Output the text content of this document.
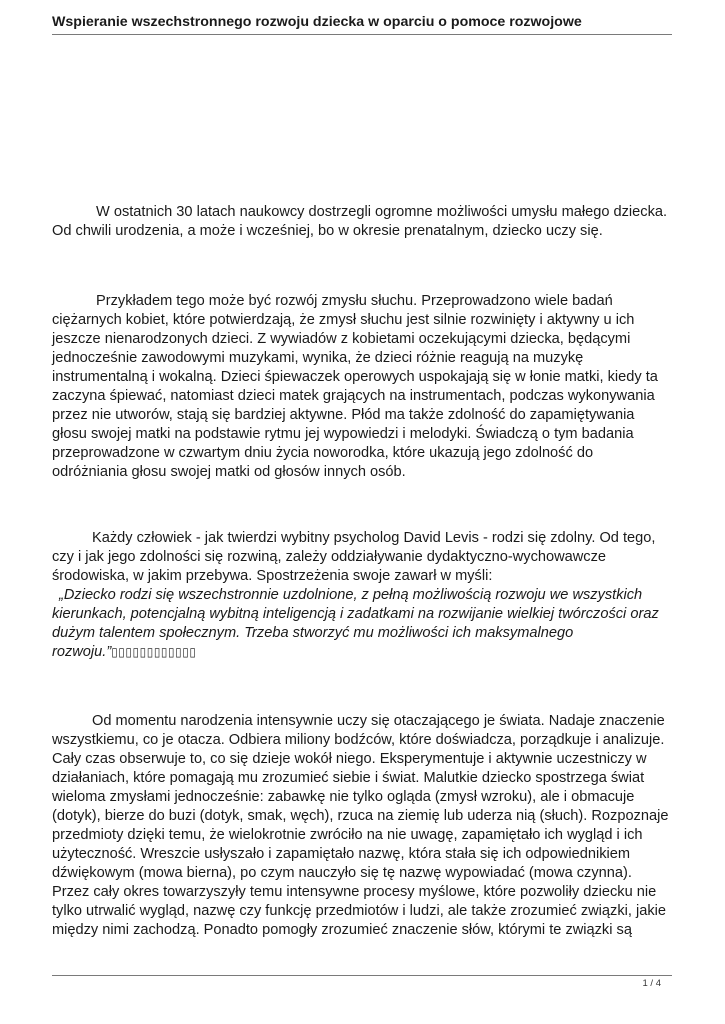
Wspieranie wszechstronnego rozwoju dziecka w oparciu o pomoce rozwojowe
W ostatnich 30 latach naukowcy dostrzegli ogromne możliwości umysłu małego dziecka.
Od chwili urodzenia, a może i wcześniej, bo w okresie prenatalnym, dziecko uczy się.
Przykładem tego może być rozwój zmysłu słuchu. Przeprowadzono wiele badań
ciężarnych kobiet, które potwierdzają, że zmysł słuchu jest silnie rozwinięty i aktywny u ich
jeszcze nienarodzonych dzieci. Z wywiadów z kobietami oczekującymi dziecka, będącymi
jednocześnie zawodowymi muzykami, wynika, że dzieci różnie reagują na muzykę
instrumentalną i wokalną. Dzieci śpiewaczek operowych uspokajają się w łonie matki, kiedy ta
zaczyna śpiewać, natomiast dzieci matek grających na instrumentach, podczas wykonywania
przez nie utworów, stają się bardziej aktywne. Płód ma także zdolność do zapamiętywania
głosu swojej matki na podstawie rytmu jej wypowiedzi i melodyki. Świadczą o tym badania
przeprowadzone w czwartym dniu życia noworodka, które ukazują jego zdolność do
odróżniania głosu swojej matki od głosów innych osób.
Każdy człowiek - jak twierdzi wybitny psycholog David Levis - rodzi się zdolny. Od tego,
czy i jak jego zdolności się rozwiną, zależy oddziaływanie dydaktyczno-wychowawcze
środowiska, w jakim przebywa. Spostrzeżenia swoje zawarł w myśli:
„Dziecko rodzi się wszechstronnie uzdolnione, z pełną możliwością rozwoju we wszystkich
kierunkach, potencjalną wybitną inteligencją i zadatkami na rozwijanie wielkiej twórczości oraz
dużym talentem społecznym. Trzeba stworzyć mu możliwości ich maksymalnego
rozwoju.”▯▯▯▯▯▯▯▯▯▯▯▯
Od momentu narodzenia intensywnie uczy się otaczającego je świata. Nadaje znaczenie
wszystkiemu, co je otacza. Odbiera miliony bodźców, które doświadcza, porządkuje i analizuje.
Cały czas obserwuje to, co się dzieje wokół niego. Eksperymentuje i aktywnie uczestniczy w
działaniach, które pomagają mu zrozumieć siebie i świat. Malutkie dziecko spostrzega świat
wieloma zmysłami jednocześnie: zabawkę nie tylko ogląda (zmysł wzroku), ale i obmacuje
(dotyk), bierze do buzi (dotyk, smak, węch), rzuca na ziemię lub uderza nią (słuch). Rozpoznaje
przedmioty dzięki temu, że wielokrotnie zwróciło na nie uwagę, zapamiętało ich wygląd i ich
użyteczność. Wreszcie usłyszało i zapamiętało nazwę, która stała się ich odpowiednikiem
dźwiękowym (mowa bierna), po czym nauczyło się tę nazwę wypowiadać (mowa czynna).
Przez cały okres towarzyszyły temu intensywne procesy myślowe, które pozwoliły dziecku nie
tylko utrwalić wygląd, nazwę czy funkcję przedmiotów i ludzi, ale także zrozumieć związki, jakie
między nimi zachodzą. Ponadto pomogły zrozumieć znaczenie słów, którymi te związki są
1 / 4
